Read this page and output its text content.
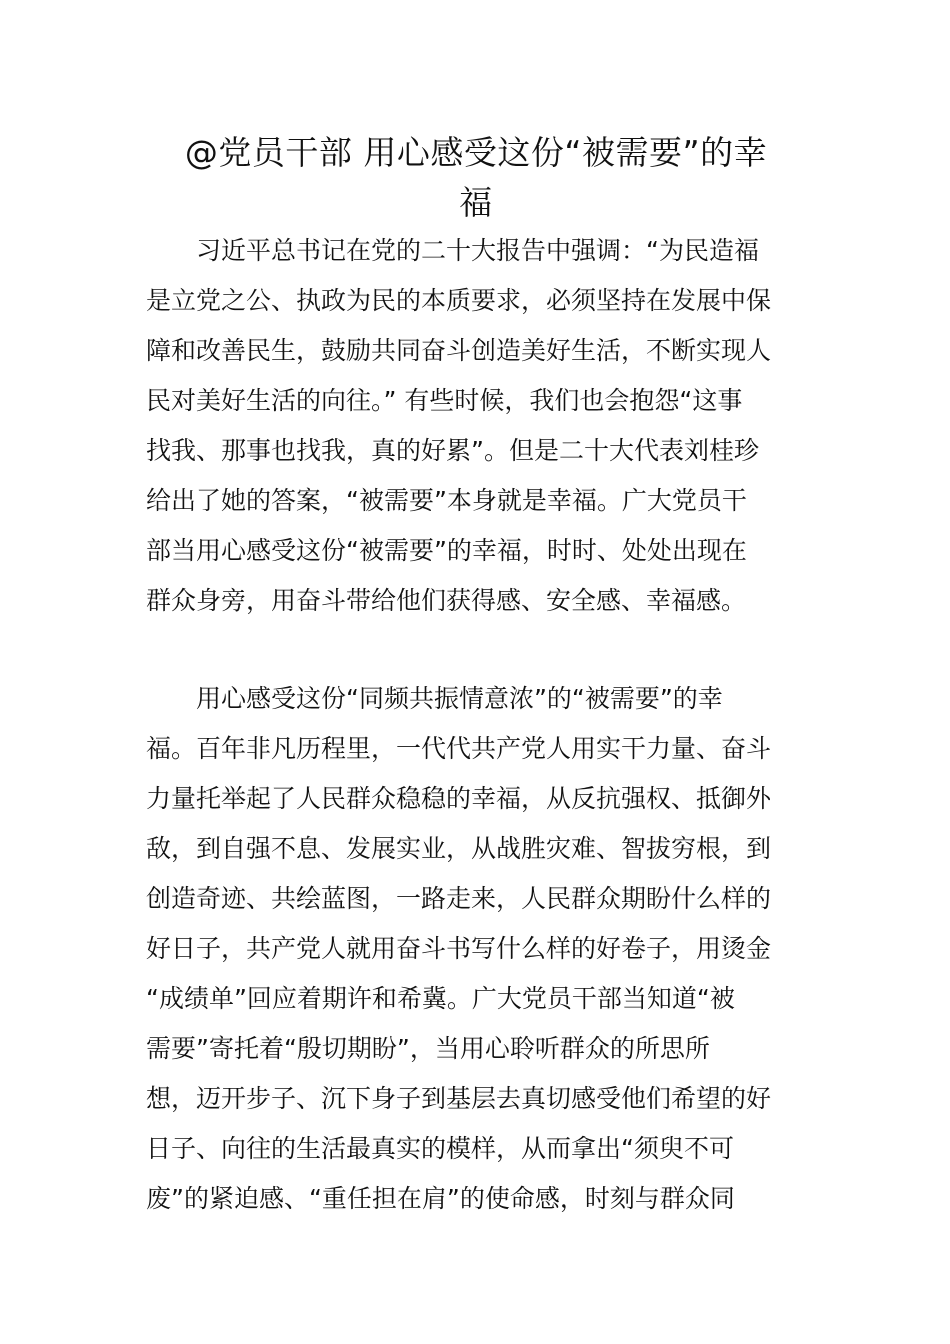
@党员干部 用心感受这份“被需要”的幸
福
习近平总书记在党的二十大报告中强调：“为民造福
是立党之公、执政为民的本质要求，必须坚持在发展中保
障和改善民生，鼓励共同奋斗创造美好生活，不断实现人
民对美好生活的向往。” 有些时候，我们也会抱怨“这事
找我、那事也找我，真的好累”。但是二十大代表刘桂珍
给出了她的答案，“被需要”本身就是幸福。广大党员干
部当用心感受这份“被需要”的幸福，时时、处处出现在
群众身旁，用奋斗带给他们获得感、安全感、幸福感。
用心感受这份“同频共振情意浓”的“被需要”的幸
福。百年非凡历程里，一代代共产党人用实干力量、奋斗
力量托举起了人民群众稳稳的幸福，从反抗强权、抵御外
敌，到自强不息、发展实业，从战胜灾难、智拔穷根，到
创造奇迹、共绘蓝图，一路走来，人民群众期盼什么样的
好日子，共产党人就用奋斗书写什么样的好卷子，用烫金
“成绩单”回应着期许和希冀。广大党员干部当知道“被
需要”寄托着“殷切期盼”，当用心聆听群众的所思所
想，迈开步子、沉下身子到基层去真切感受他们希望的好
日子、向往的生活最真实的模样，从而拿出“须臾不可
废”的紧迫感、“重任担在肩”的使命感，时刻与群众同
